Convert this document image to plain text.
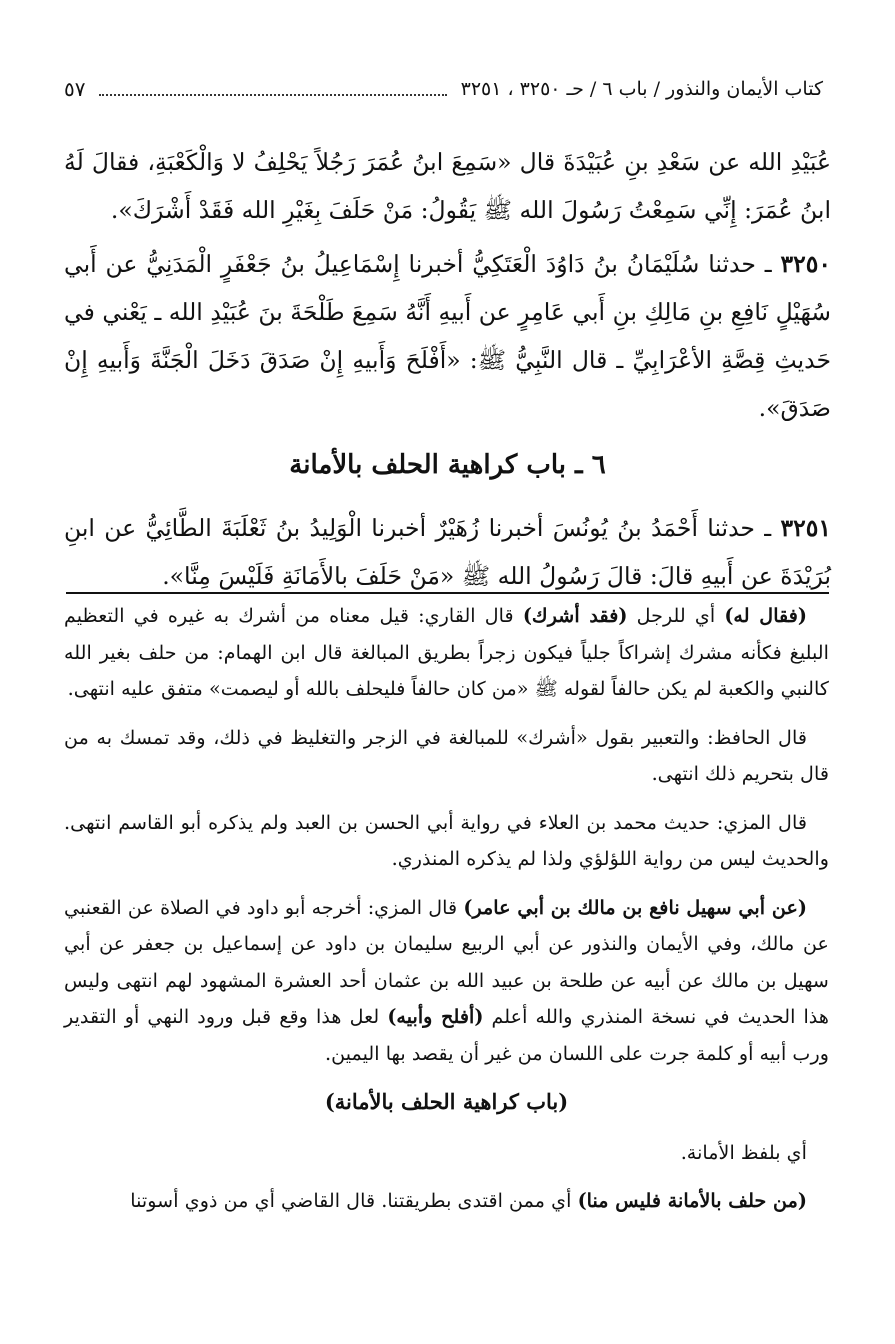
كتاب الأيمان والنذور / باب ٦ / حـ ٣٢٥٠ ، ٣٢٥١
٥٧

عُبَيْدِ الله عن سَعْدِ بنِ عُبَيْدَةَ قال «سَمِعَ ابنُ عُمَرَ رَجُلاً يَحْلِفُ لا وَالْكَعْبَةِ، فقالَ لَهُ ابنُ عُمَرَ: إِنِّي سَمِعْتُ رَسُولَ الله ﷺ يَقُولُ: مَنْ حَلَفَ بِغَيْرِ الله فَقَدْ أَشْرَكَ».

٣٢٥٠ ـ حدثنا سُلَيْمَانُ بنُ دَاوُدَ الْعَتَكِيُّ أخبرنا إِسْمَاعِيلُ بنُ جَعْفَرٍ الْمَدَنِيُّ عن أَبي سُهَيْلٍ نَافِعِ بنِ مَالِكِ بنِ أَبي عَامِرٍ عن أَبيهِ أَنَّهُ سَمِعَ طَلْحَةَ بنَ عُبَيْدِ الله ـ يَعْني في حَديثِ قِصَّةِ الأعْرَابِيِّ ـ قال النَّبِيُّ ﷺ: «أَفْلَحَ وَأَبيهِ إِنْ صَدَقَ دَخَلَ الْجَنَّةَ وَأَبيهِ إِنْ صَدَقَ».

٦ ـ باب كراهية الحلف بالأمانة

٣٢٥١ ـ حدثنا أَحْمَدُ بنُ يُونُسَ أخبرنا زُهَيْرٌ أخبرنا الْوَلِيدُ بنُ ثَعْلَبَةَ الطَّائِيُّ عن ابنِ بُرَيْدَةَ عن أَبيهِ قالَ: قالَ رَسُولُ الله ﷺ «مَنْ حَلَفَ بالأَمَانَةِ فَلَيْسَ مِنَّا».

(فقال له) أي للرجل (فقد أشرك) قال القاري: قيل معناه من أشرك به غيره في التعظيم البليغ فكأنه مشرك إشراكاً جلياً فيكون زجراً بطريق المبالغة قال ابن الهمام: من حلف بغير الله كالنبي والكعبة لم يكن حالفاً لقوله ﷺ «من كان حالفاً فليحلف بالله أو ليصمت» متفق عليه انتهى.

قال الحافظ: والتعبير بقول «أشرك» للمبالغة في الزجر والتغليظ في ذلك، وقد تمسك به من قال بتحريم ذلك انتهى.

قال المزي: حديث محمد بن العلاء في رواية أبي الحسن بن العبد ولم يذكره أبو القاسم انتهى. والحديث ليس من رواية اللؤلؤي ولذا لم يذكره المنذري.

(عن أبي سهيل نافع بن مالك بن أبي عامر) قال المزي: أخرجه أبو داود في الصلاة عن القعنبي عن مالك، وفي الأيمان والنذور عن أبي الربيع سليمان بن داود عن إسماعيل بن جعفر عن أبي سهيل بن مالك عن أبيه عن طلحة بن عبيد الله بن عثمان أحد العشرة المشهود لهم انتهى وليس هذا الحديث في نسخة المنذري والله أعلم (أفلح وأبيه) لعل هذا وقع قبل ورود النهي أو التقدير ورب أبيه أو كلمة جرت على اللسان من غير أن يقصد بها اليمين.

(باب كراهية الحلف بالأمانة)

أي بلفظ الأمانة.

(من حلف بالأمانة فليس منا) أي ممن اقتدى بطريقتنا. قال القاضي أي من ذوي أسوتنا
